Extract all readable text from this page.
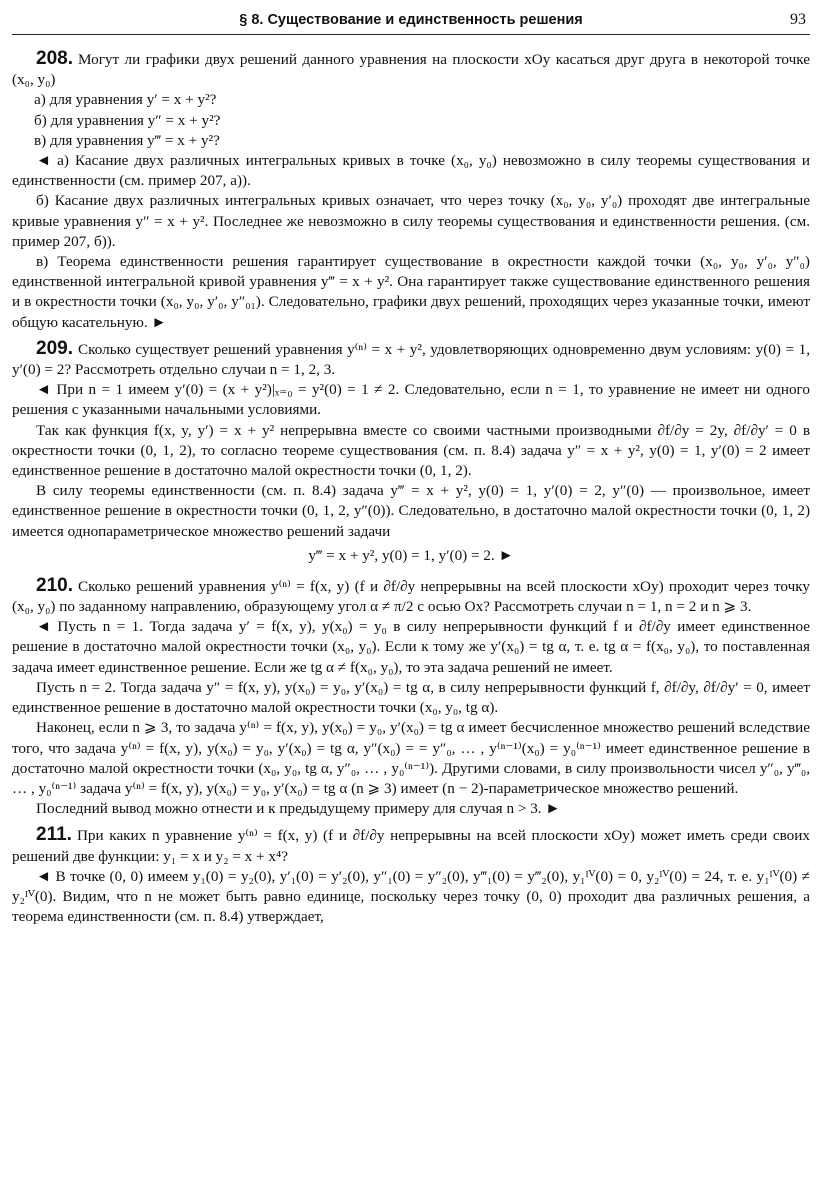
§ 8. Существование и единственность решения	93

208. Могут ли графики двух решений данного уравнения на плоскости xOy касаться друг друга в некоторой точке (x₀, y₀)

а) для уравнения y′ = x + y²?

б) для уравнения y″ = x + y²?

в) для уравнения y‴ = x + y²?

◄ а) Касание двух различных интегральных кривых в точке (x₀, y₀) невозможно в силу теоремы существования и единственности (см. пример 207, а)).

б) Касание двух различных интегральных кривых означает, что через точку (x₀, y₀, y′₀) проходят две интегральные кривые уравнения y″ = x + y². Последнее же невозможно в силу теоремы существования и единственности решения. (см. пример 207, б)).

в) Теорема единственности решения гарантирует существование в окрестности каждой точки (x₀, y₀, y′₀, y″₀) единственной интегральной кривой уравнения y‴ = x + y². Она гарантирует также существование единственного решения и в окрестности точки (x₀, y₀, y′₀, y″₀₁). Следовательно, графики двух решений, проходящих через указанные точки, имеют общую касательную. ►

209. Сколько существует решений уравнения y⁽ⁿ⁾ = x + y², удовлетворяющих одновременно двум условиям: y(0) = 1, y′(0) = 2? Рассмотреть отдельно случаи n = 1, 2, 3.

◄ При n = 1 имеем y′(0) = (x + y²)|ₓ₌₀ = y²(0) = 1 ≠ 2. Следовательно, если n = 1, то уравнение не имеет ни одного решения с указанными начальными условиями.

Так как функция f(x, y, y′) = x + y² непрерывна вместе со своими частными производными ∂f/∂y = 2y, ∂f/∂y′ = 0 в окрестности точки (0, 1, 2), то согласно теореме существования (см. п. 8.4) задача y″ = x + y², y(0) = 1, y′(0) = 2 имеет единственное решение в достаточно малой окрестности точки (0, 1, 2).

В силу теоремы единственности (см. п. 8.4) задача y‴ = x + y², y(0) = 1, y′(0) = 2, y″(0) — произвольное, имеет единственное решение в окрестности точки (0, 1, 2, y″(0)). Следовательно, в достаточно малой окрестности точки (0, 1, 2) имеется однопараметрическое множество решений задачи

y‴ = x + y², y(0) = 1, y′(0) = 2. ►

210. Сколько решений уравнения y⁽ⁿ⁾ = f(x, y) (f и ∂f/∂y непрерывны на всей плоскости xOy) проходит через точку (x₀, y₀) по заданному направлению, образующему угол α ≠ π/2 с осью Ox? Рассмотреть случаи n = 1, n = 2 и n ⩾ 3.

◄ Пусть n = 1. Тогда задача y′ = f(x, y), y(x₀) = y₀ в силу непрерывности функций f и ∂f/∂y имеет единственное решение в достаточно малой окрестности точки (x₀, y₀). Если к тому же y′(x₀) = tg α, т. е. tg α = f(x₀, y₀), то поставленная задача имеет единственное решение. Если же tg α ≠ f(x₀, y₀), то эта задача решений не имеет.

Пусть n = 2. Тогда задача y″ = f(x, y), y(x₀) = y₀, y′(x₀) = tg α, в силу непрерывности функций f, ∂f/∂y, ∂f/∂y′ = 0, имеет единственное решение в достаточно малой окрестности точки (x₀, y₀, tg α).

Наконец, если n ⩾ 3, то задача y⁽ⁿ⁾ = f(x, y), y(x₀) = y₀, y′(x₀) = tg α имеет бесчисленное множество решений вследствие того, что задача y⁽ⁿ⁾ = f(x, y), y(x₀) = y₀, y′(x₀) = tg α, y″(x₀) = = y″₀, … , y⁽ⁿ⁻¹⁾(x₀) = y₀⁽ⁿ⁻¹⁾ имеет единственное решение в достаточно малой окрестности точки (x₀, y₀, tg α, y″₀, … , y₀⁽ⁿ⁻¹⁾). Другими словами, в силу произвольности чисел y″₀, y‴₀, … , y₀⁽ⁿ⁻¹⁾ задача y⁽ⁿ⁾ = f(x, y), y(x₀) = y₀, y′(x₀) = tg α (n ⩾ 3) имеет (n − 2)-параметрическое множество решений.

Последний вывод можно отнести и к предыдущему примеру для случая n > 3. ►

211. При каких n уравнение y⁽ⁿ⁾ = f(x, y) (f и ∂f/∂y непрерывны на всей плоскости xOy) может иметь среди своих решений две функции: y₁ = x и y₂ = x + x⁴?

◄ В точке (0, 0) имеем y₁(0) = y₂(0), y′₁(0) = y′₂(0), y″₁(0) = y″₂(0), y‴₁(0) = y‴₂(0), y₁ᴵⱽ(0) = 0, y₂ᴵⱽ(0) = 24, т. е. y₁ᴵⱽ(0) ≠ y₂ᴵⱽ(0). Видим, что n не может быть равно единице, поскольку через точку (0, 0) проходит два различных решения, а теорема единственности (см. п. 8.4) утверждает,
